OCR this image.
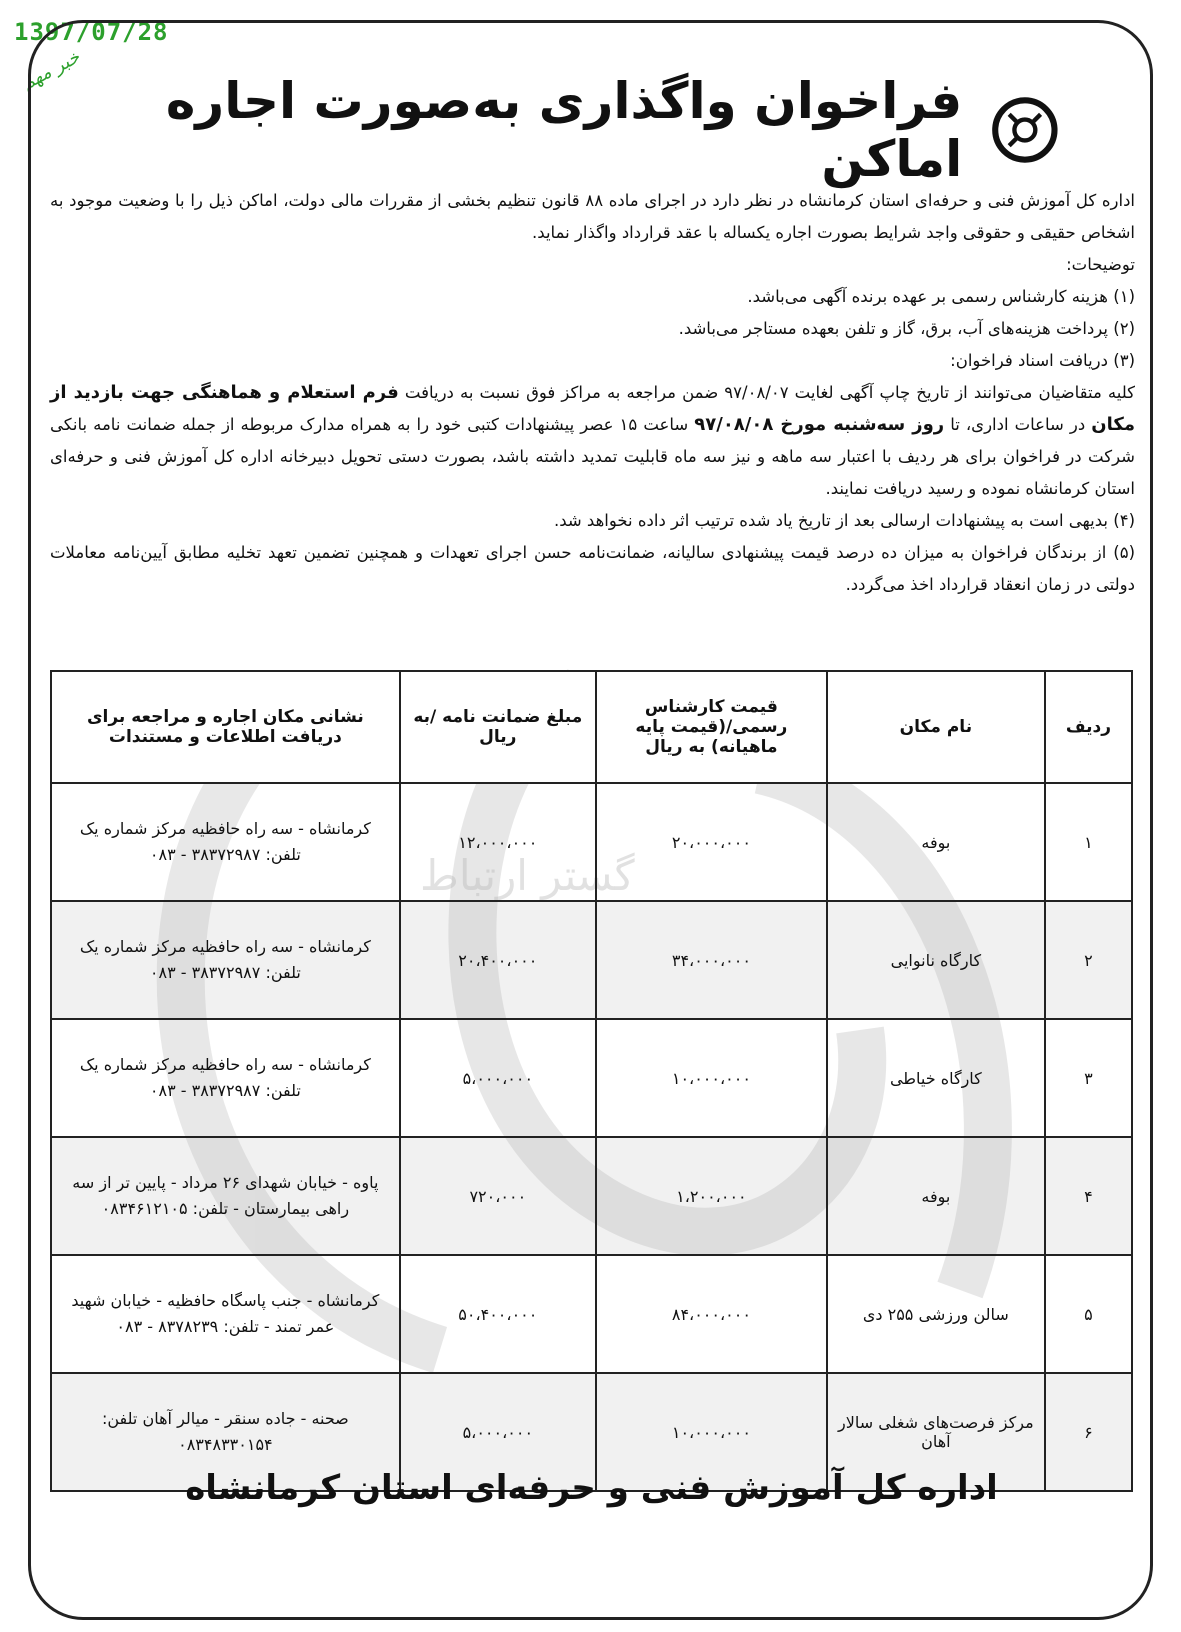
1397/07/28
خبر مهم
گستر ارتباط
فراخوان واگذاری به‌صورت اجاره اماکن

اداره کل آموزش فنی و حرفه‌ای استان کرمانشاه در نظر دارد در اجرای ماده ۸۸ قانون تنظیم بخشی از مقررات مالی دولت، اماکن ذیل را با وضعیت موجود به اشخاص حقیقی و حقوقی واجد شرایط بصورت اجاره یکساله با عقد قرارداد واگذار نماید.

توضیحات:

(۱) هزینه کارشناس رسمی بر عهده برنده آگهی می‌باشد.

(۲) پرداخت هزینه‌های آب، برق، گاز و تلفن بعهده مستاجر می‌باشد.

(۳) دریافت اسناد فراخوان:

کلیه متقاضیان می‌توانند از تاریخ چاپ آگهی لغایت ۹۷/۰۸/۰۷ ضمن مراجعه به مراکز فوق نسبت به دریافت فرم استعلام و هماهنگی جهت بازدید از مکان در ساعات اداری، تا روز سه‌شنبه مورخ ۹۷/۰۸/۰۸ ساعت ۱۵ عصر پیشنهادات کتبی خود را به همراه مدارک مربوطه از جمله ضمانت نامه بانکی شرکت در فراخوان برای هر ردیف با اعتبار سه ماهه و نیز سه ماه قابلیت تمدید داشته باشد، بصورت دستی تحویل دبیرخانه اداره کل آموزش فنی و حرفه‌ای استان کرمانشاه نموده و رسید دریافت نمایند.

(۴) بدیهی است به پیشنهادات ارسالی بعد از تاریخ یاد شده ترتیب اثر داده نخواهد شد.

(۵) از برندگان فراخوان به میزان ده درصد قیمت پیشنهادی سالیانه، ضمانت‌نامه حسن اجرای تعهدات و همچنین تضمین تعهد تخلیه مطابق آیین‌نامه معاملات دولتی در زمان انعقاد قرارداد اخذ می‌گردد.

ردیف	نام مکان	قیمت کارشناس رسمی/(قیمت پایه ماهیانه) به ریال	مبلغ ضمانت نامه /به ریال	نشانی مکان اجاره و مراجعه برای دریافت اطلاعات و مستندات
۱	بوفه	۲۰،۰۰۰،۰۰۰	۱۲،۰۰۰،۰۰۰	کرمانشاه - سه راه حافظیه مرکز شماره یک تلفن: ۳۸۳۷۲۹۸۷ - ۰۸۳
۲	کارگاه نانوایی	۳۴،۰۰۰،۰۰۰	۲۰،۴۰۰،۰۰۰	کرمانشاه - سه راه حافظیه مرکز شماره یک تلفن: ۳۸۳۷۲۹۸۷ - ۰۸۳
۳	کارگاه خیاطی	۱۰،۰۰۰،۰۰۰	۵،۰۰۰،۰۰۰	کرمانشاه - سه راه حافظیه مرکز شماره یک تلفن: ۳۸۳۷۲۹۸۷ - ۰۸۳
۴	بوفه	۱،۲۰۰،۰۰۰	۷۲۰،۰۰۰	پاوه - خیابان شهدای ۲۶ مرداد - پایین تر از سه راهی بیمارستان - تلفن: ۰۸۳۴۶۱۲۱۰۵
۵	سالن ورزشی ۲۵۵ دی	۸۴،۰۰۰،۰۰۰	۵۰،۴۰۰،۰۰۰	کرمانشاه - جنب پاسگاه حافظیه - خیابان شهید عمر تمند - تلفن: ۸۳۷۸۲۳۹ - ۰۸۳
۶	مرکز فرصت‌های شغلی سالار آهان	۱۰،۰۰۰،۰۰۰	۵،۰۰۰،۰۰۰	صحنه - جاده سنقر - میالر آهان تلفن: ۰۸۳۴۸۳۳۰۱۵۴
اداره کل آموزش فنی و حرفه‌ای استان کرمانشاه
